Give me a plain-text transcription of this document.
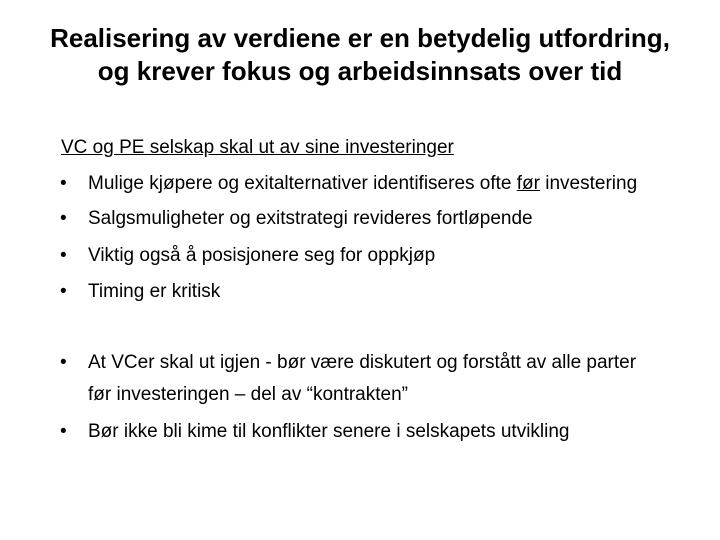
Realisering av verdiene er en betydelig utfordring,
og krever fokus og arbeidsinnsats over tid
VC og PE selskap skal ut av sine investeringer
• Mulige kjøpere og exitalternativer identifiseres ofte før investering
• Salgsmuligheter og exitstrategi revideres fortløpende
• Viktig også å posisjonere seg for oppkjøp
• Timing er kritisk
• At VCer skal ut igjen - bør være diskutert og forstått av alle parter
før investeringen – del av “kontrakten”
• Bør ikke bli kime til konflikter senere i selskapets utvikling
